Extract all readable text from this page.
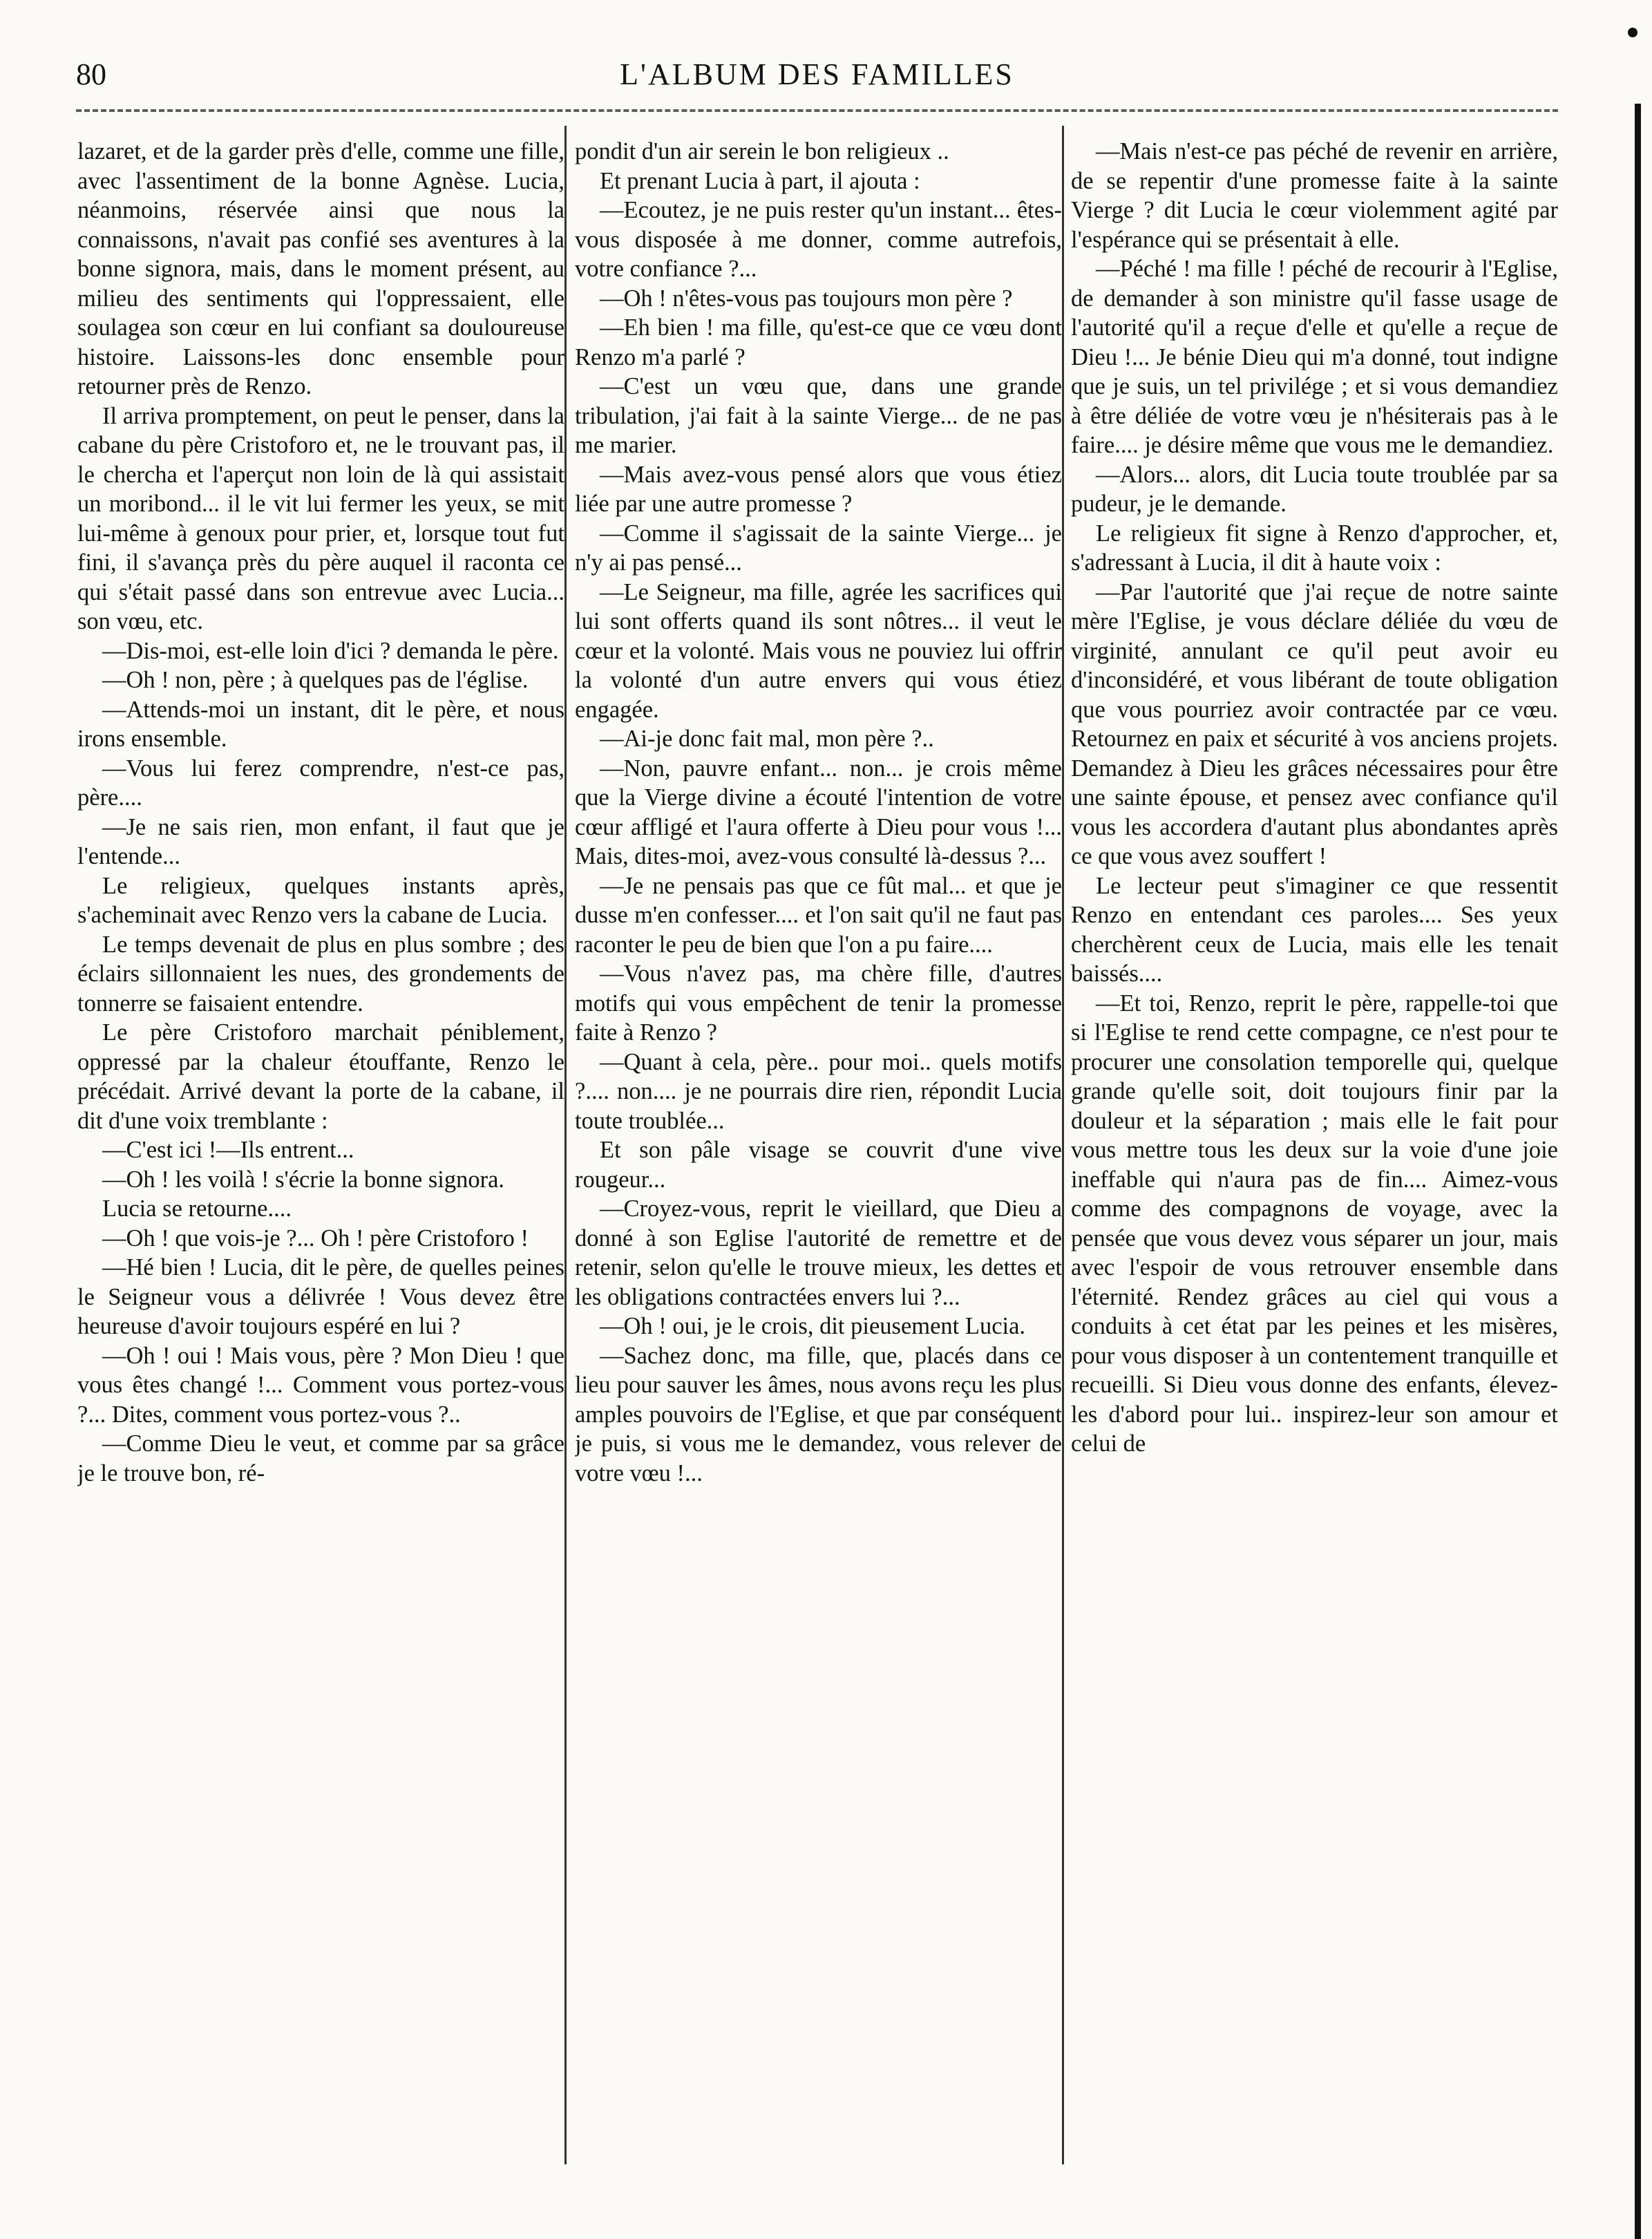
80	L'ALBUM DES FAMILLES

lazaret, et de la garder près d'elle, comme une fille, avec l'assentiment de la bonne Agnèse. Lucia, néanmoins, réservée ainsi que nous la connaissons, n'avait pas confié ses aventures à la bonne signora, mais, dans le moment présent, au milieu des sentiments qui l'oppressaient, elle soulagea son cœur en lui confiant sa douloureuse histoire. Laissons-les donc ensemble pour retourner près de Renzo.

Il arriva promptement, on peut le penser, dans la cabane du père Cristoforo et, ne le trouvant pas, il le chercha et l'aperçut non loin de là qui assistait un moribond... il le vit lui fermer les yeux, se mit lui-même à genoux pour prier, et, lorsque tout fut fini, il s'avança près du père auquel il raconta ce qui s'était passé dans son entrevue avec Lucia... son vœu, etc.

—Dis-moi, est-elle loin d'ici ? demanda le père.

—Oh ! non, père ; à quelques pas de l'église.

—Attends-moi un instant, dit le père, et nous irons ensemble.

—Vous lui ferez comprendre, n'est-ce pas, père....

—Je ne sais rien, mon enfant, il faut que je l'entende...

Le religieux, quelques instants après, s'acheminait avec Renzo vers la cabane de Lucia.

Le temps devenait de plus en plus sombre ; des éclairs sillonnaient les nues, des grondements de tonnerre se faisaient entendre.

Le père Cristoforo marchait péniblement, oppressé par la chaleur étouffante, Renzo le précédait. Arrivé devant la porte de la cabane, il dit d'une voix tremblante :

—C'est ici !—Ils entrent...

—Oh ! les voilà ! s'écrie la bonne signora.

Lucia se retourne....

—Oh ! que vois-je ?... Oh ! père Cristoforo !

—Hé bien ! Lucia, dit le père, de quelles peines le Seigneur vous a délivrée ! Vous devez être heureuse d'avoir toujours espéré en lui ?

—Oh ! oui ! Mais vous, père ? Mon Dieu ! que vous êtes changé !... Comment vous portez-vous ?... Dites, comment vous portez-vous ?..

—Comme Dieu le veut, et comme par sa grâce je le trouve bon, ré-

pondit d'un air serein le bon religieux ..

Et prenant Lucia à part, il ajouta :

—Ecoutez, je ne puis rester qu'un instant... êtes-vous disposée à me donner, comme autrefois, votre confiance ?...

—Oh ! n'êtes-vous pas toujours mon père ?

—Eh bien ! ma fille, qu'est-ce que ce vœu dont Renzo m'a parlé ?

—C'est un vœu que, dans une grande tribulation, j'ai fait à la sainte Vierge... de ne pas me marier.

—Mais avez-vous pensé alors que vous étiez liée par une autre promesse ?

—Comme il s'agissait de la sainte Vierge... je n'y ai pas pensé...

—Le Seigneur, ma fille, agrée les sacrifices qui lui sont offerts quand ils sont nôtres... il veut le cœur et la volonté. Mais vous ne pouviez lui offrir la volonté d'un autre envers qui vous étiez engagée.

—Ai-je donc fait mal, mon père ?..

—Non, pauvre enfant... non... je crois même que la Vierge divine a écouté l'intention de votre cœur affligé et l'aura offerte à Dieu pour vous !... Mais, dites-moi, avez-vous consulté là-dessus ?...

—Je ne pensais pas que ce fût mal... et que je dusse m'en confesser.... et l'on sait qu'il ne faut pas raconter le peu de bien que l'on a pu faire....

—Vous n'avez pas, ma chère fille, d'autres motifs qui vous empêchent de tenir la promesse faite à Renzo ?

—Quant à cela, père.. pour moi.. quels motifs ?.... non.... je ne pourrais dire rien, répondit Lucia toute troublée...

Et son pâle visage se couvrit d'une vive rougeur...

—Croyez-vous, reprit le vieillard, que Dieu a donné à son Eglise l'autorité de remettre et de retenir, selon qu'elle le trouve mieux, les dettes et les obligations contractées envers lui ?...

—Oh ! oui, je le crois, dit pieusement Lucia.

—Sachez donc, ma fille, que, placés dans ce lieu pour sauver les âmes, nous avons reçu les plus amples pouvoirs de l'Eglise, et que par conséquent je puis, si vous me le demandez, vous relever de votre vœu !...

—Mais n'est-ce pas péché de revenir en arrière, de se repentir d'une promesse faite à la sainte Vierge ? dit Lucia le cœur violemment agité par l'espérance qui se présentait à elle.

—Péché ! ma fille ! péché de recourir à l'Eglise, de demander à son ministre qu'il fasse usage de l'autorité qu'il a reçue d'elle et qu'elle a reçue de Dieu !... Je bénie Dieu qui m'a donné, tout indigne que je suis, un tel privilége ; et si vous demandiez à être déliée de votre vœu je n'hésiterais pas à le faire.... je désire même que vous me le demandiez.

—Alors... alors, dit Lucia toute troublée par sa pudeur, je le demande.

Le religieux fit signe à Renzo d'approcher, et, s'adressant à Lucia, il dit à haute voix :

—Par l'autorité que j'ai reçue de notre sainte mère l'Eglise, je vous déclare déliée du vœu de virginité, annulant ce qu'il peut avoir eu d'inconsidéré, et vous libérant de toute obligation que vous pourriez avoir contractée par ce vœu. Retournez en paix et sécurité à vos anciens projets. Demandez à Dieu les grâces nécessaires pour être une sainte épouse, et pensez avec confiance qu'il vous les accordera d'autant plus abondantes après ce que vous avez souffert !

Le lecteur peut s'imaginer ce que ressentit Renzo en entendant ces paroles.... Ses yeux cherchèrent ceux de Lucia, mais elle les tenait baissés....

—Et toi, Renzo, reprit le père, rappelle-toi que si l'Eglise te rend cette compagne, ce n'est pour te procurer une consolation temporelle qui, quelque grande qu'elle soit, doit toujours finir par la douleur et la séparation ; mais elle le fait pour vous mettre tous les deux sur la voie d'une joie ineffable qui n'aura pas de fin.... Aimez-vous comme des compagnons de voyage, avec la pensée que vous devez vous séparer un jour, mais avec l'espoir de vous retrouver ensemble dans l'éternité. Rendez grâces au ciel qui vous a conduits à cet état par les peines et les misères, pour vous disposer à un contentement tranquille et recueilli. Si Dieu vous donne des enfants, élevez-les d'abord pour lui.. inspirez-leur son amour et celui de
